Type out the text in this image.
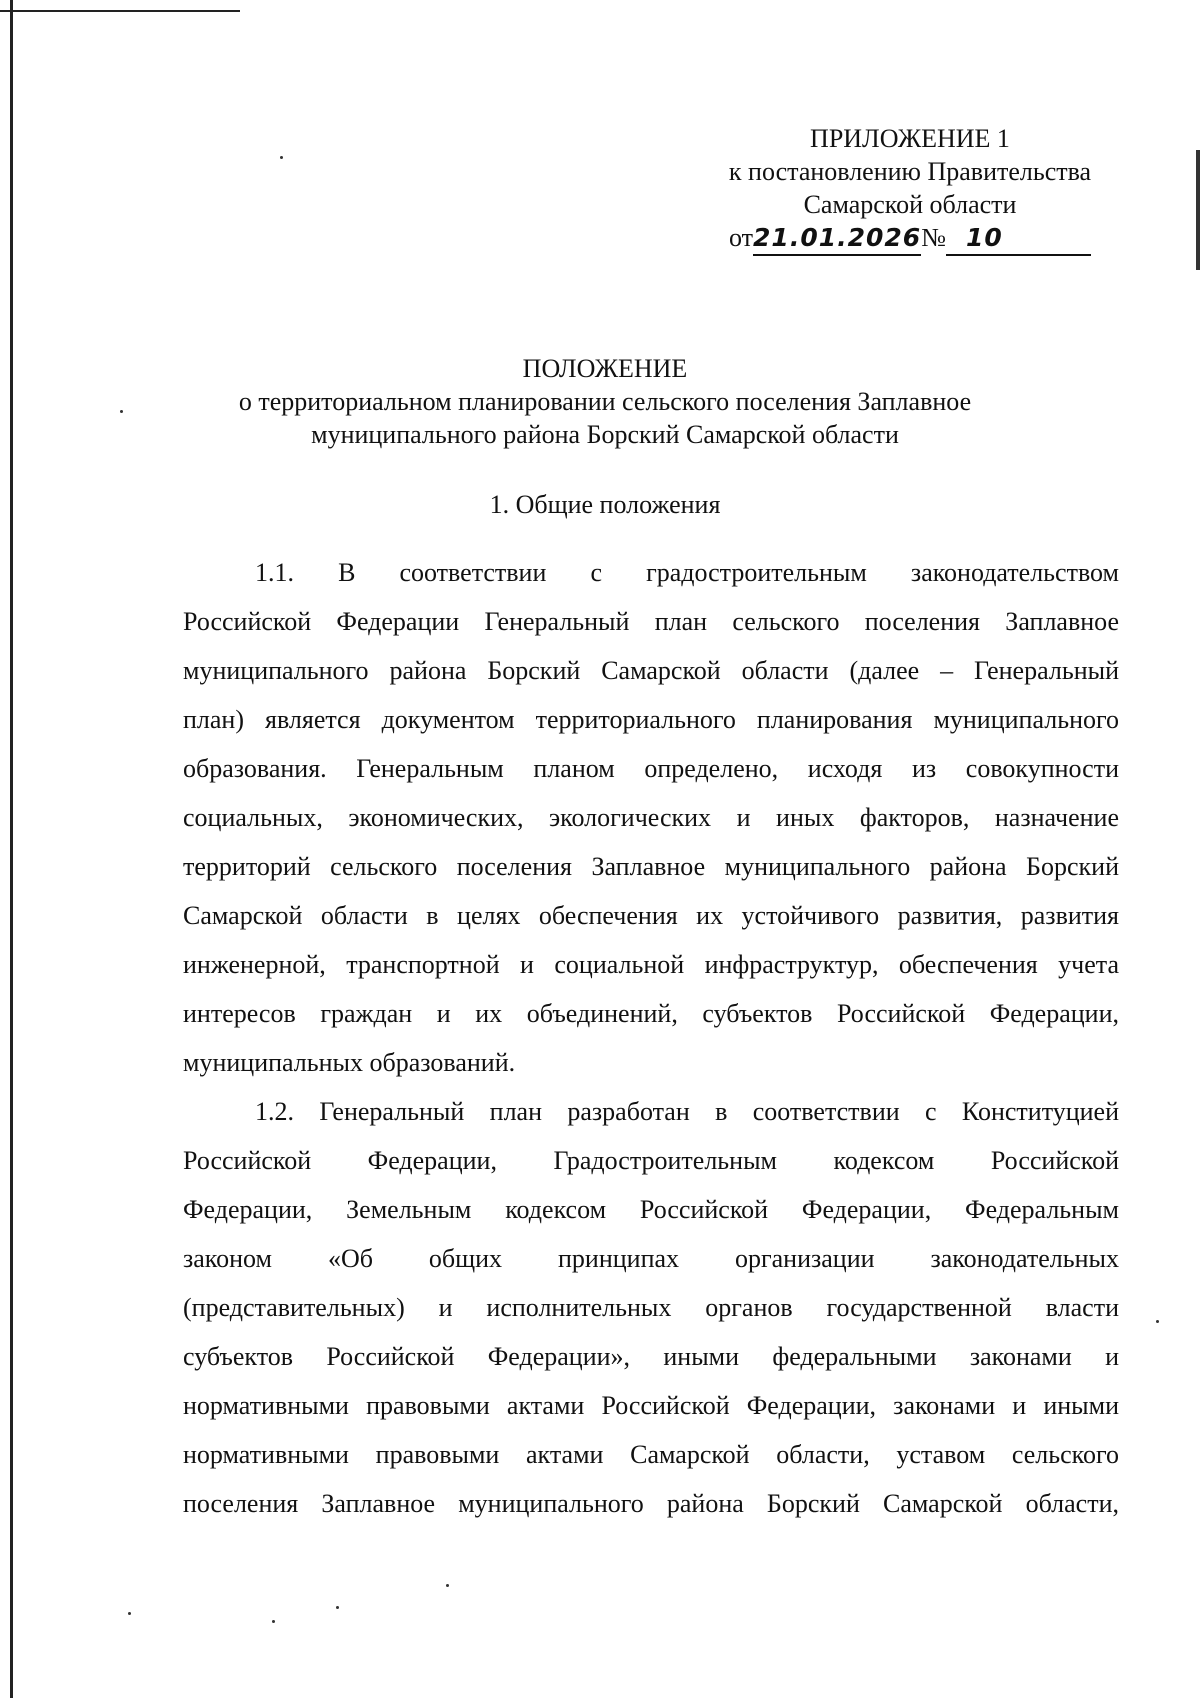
ПРИЛОЖЕНИЕ 1
к постановлению Правительства
Самарской области
от21.01.2026№ 10
ПОЛОЖЕНИЕ
о территориальном планировании сельского поселения Заплавное
муниципального района Борский Самарской области
1. Общие положения
1.1. В соответствии с градостроительным законодательством
Российской Федерации Генеральный план сельского поселения Заплавное
муниципального района Борский Самарской области (далее – Генеральный
план) является документом территориального планирования муниципального
образования. Генеральным планом определено, исходя из совокупности
социальных, экономических, экологических и иных факторов, назначение
территорий сельского поселения Заплавное муниципального района Борский
Самарской области в целях обеспечения их устойчивого развития, развития
инженерной, транспортной и социальной инфраструктур, обеспечения учета
интересов граждан и их объединений, субъектов Российской Федерации,
муниципальных образований.
1.2. Генеральный план разработан в соответствии с Конституцией
Российской Федерации, Градостроительным кодексом Российской
Федерации, Земельным кодексом Российской Федерации, Федеральным
законом «Об общих принципах организации законодательных
(представительных) и исполнительных органов государственной власти
субъектов Российской Федерации», иными федеральными законами и
нормативными правовыми актами Российской Федерации, законами и иными
нормативными правовыми актами Самарской области, уставом сельского
поселения Заплавное муниципального района Борский Самарской области,
